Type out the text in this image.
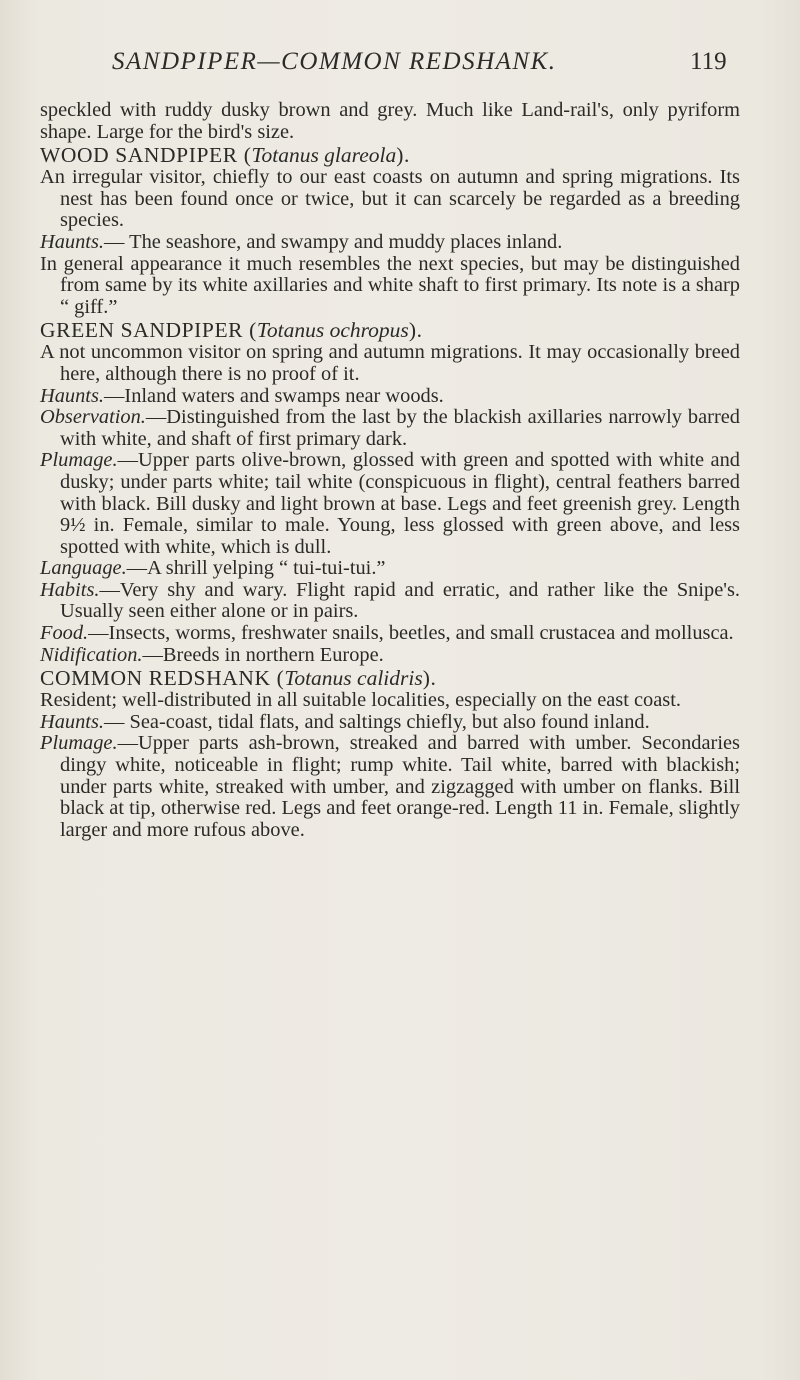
SANDPIPER—COMMON REDSHANK.	119

speckled with ruddy dusky brown and grey. Much like Land-rail's, only pyriform shape. Large for the bird's size.

WOOD SANDPIPER (Totanus glareola).

An irregular visitor, chiefly to our east coasts on autumn and spring migrations. Its nest has been found once or twice, but it can scarcely be regarded as a breeding species.

Haunts.— The seashore, and swampy and muddy places inland.

In general appearance it much resembles the next species, but may be distinguished from same by its white axillaries and white shaft to first primary. Its note is a sharp “ giff.”

GREEN SANDPIPER (Totanus ochropus).

A not uncommon visitor on spring and autumn migrations. It may occasionally breed here, although there is no proof of it.

Haunts.—Inland waters and swamps near woods.

Observation.—Distinguished from the last by the blackish axillaries narrowly barred with white, and shaft of first primary dark.

Plumage.—Upper parts olive-brown, glossed with green and spotted with white and dusky; under parts white; tail white (conspicuous in flight), central feathers barred with black. Bill dusky and light brown at base. Legs and feet greenish grey. Length 9½ in. Female, similar to male. Young, less glossed with green above, and less spotted with white, which is dull.

Language.—A shrill yelping “ tui-tui-tui.”

Habits.—Very shy and wary. Flight rapid and erratic, and rather like the Snipe's. Usually seen either alone or in pairs.

Food.—Insects, worms, freshwater snails, beetles, and small crustacea and mollusca.

Nidification.—Breeds in northern Europe.

COMMON REDSHANK (Totanus calidris).

Resident; well-distributed in all suitable localities, especially on the east coast.

Haunts.— Sea-coast, tidal flats, and saltings chiefly, but also found inland.

Plumage.—Upper parts ash-brown, streaked and barred with umber. Secondaries dingy white, noticeable in flight; rump white. Tail white, barred with blackish; under parts white, streaked with umber, and zigzagged with umber on flanks. Bill black at tip, otherwise red. Legs and feet orange-red. Length 11 in. Female, slightly larger and more rufous above.
